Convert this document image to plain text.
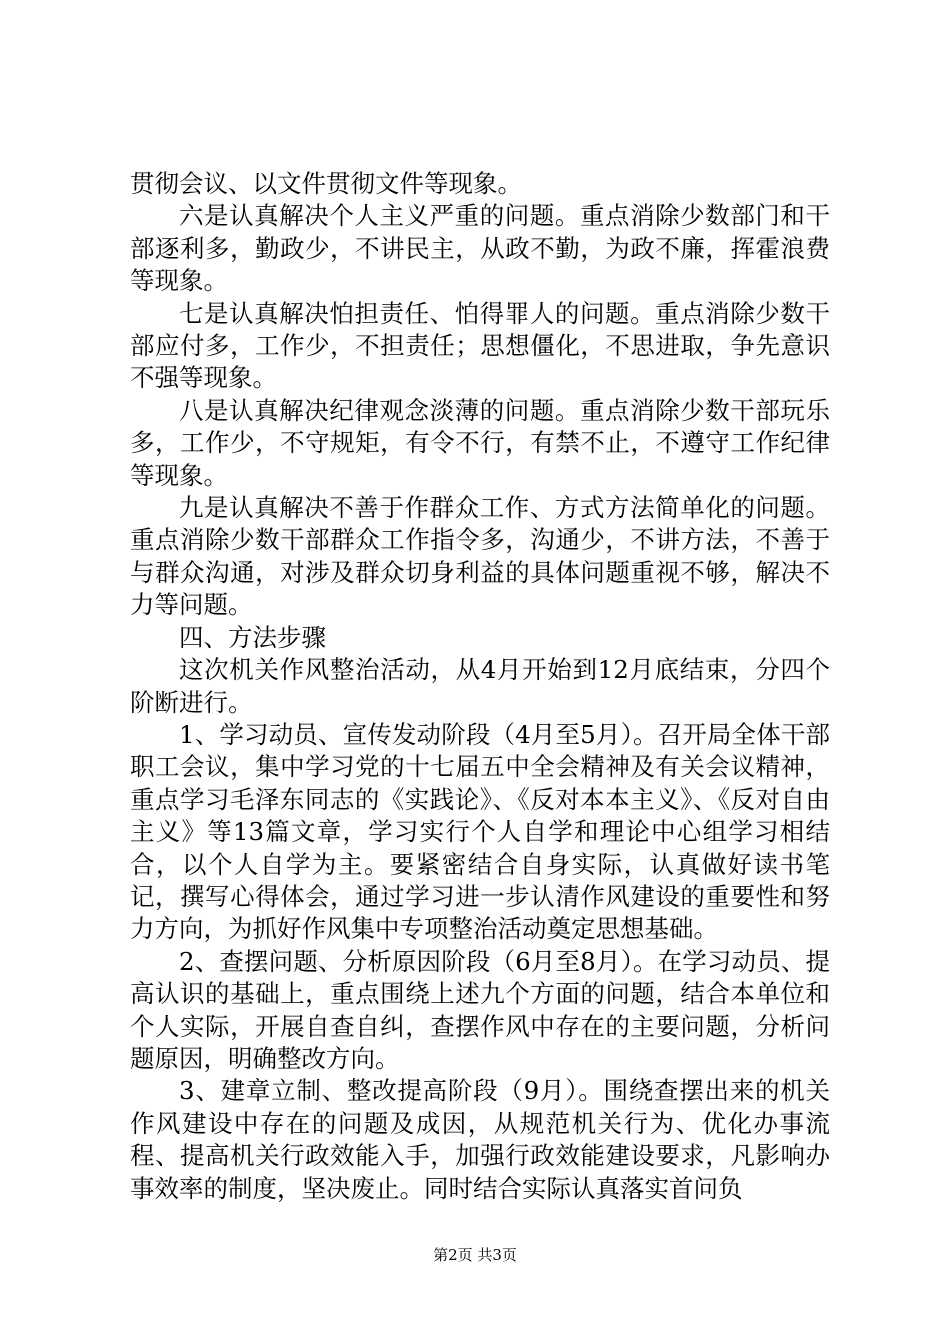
贯彻会议、以文件贯彻文件等现象。

六是认真解决个人主义严重的问题。重点消除少数部门和干部逐利多，勤政少，不讲民主，从政不勤，为政不廉，挥霍浪费等现象。

七是认真解决怕担责任、怕得罪人的问题。重点消除少数干部应付多，工作少，不担责任；思想僵化，不思进取，争先意识不强等现象。

八是认真解决纪律观念淡薄的问题。重点消除少数干部玩乐多，工作少，不守规矩，有令不行，有禁不止，不遵守工作纪律等现象。

九是认真解决不善于作群众工作、方式方法简单化的问题。重点消除少数干部群众工作指令多，沟通少，不讲方法，不善于与群众沟通，对涉及群众切身利益的具体问题重视不够，解决不力等问题。

四、方法步骤

这次机关作风整治活动，从4月开始到12月底结束，分四个阶断进行。

1、学习动员、宣传发动阶段（4月至5月）。召开局全体干部职工会议，集中学习党的十七届五中全会精神及有关会议精神，重点学习毛泽东同志的《实践论》、《反对本本主义》、《反对自由主义》等13篇文章，学习实行个人自学和理论中心组学习相结合，以个人自学为主。要紧密结合自身实际，认真做好读书笔记，撰写心得体会，通过学习进一步认清作风建设的重要性和努力方向，为抓好作风集中专项整治活动奠定思想基础。

2、查摆问题、分析原因阶段（6月至8月）。在学习动员、提高认识的基础上，重点围绕上述九个方面的问题，结合本单位和个人实际，开展自查自纠，查摆作风中存在的主要问题，分析问题原因，明确整改方向。

3、建章立制、整改提高阶段（9月）。围绕查摆出来的机关作风建设中存在的问题及成因，从规范机关行为、优化办事流程、提高机关行政效能入手，加强行政效能建设要求，凡影响办事效率的制度，坚决废止。同时结合实际认真落实首问负

第2页 共3页
